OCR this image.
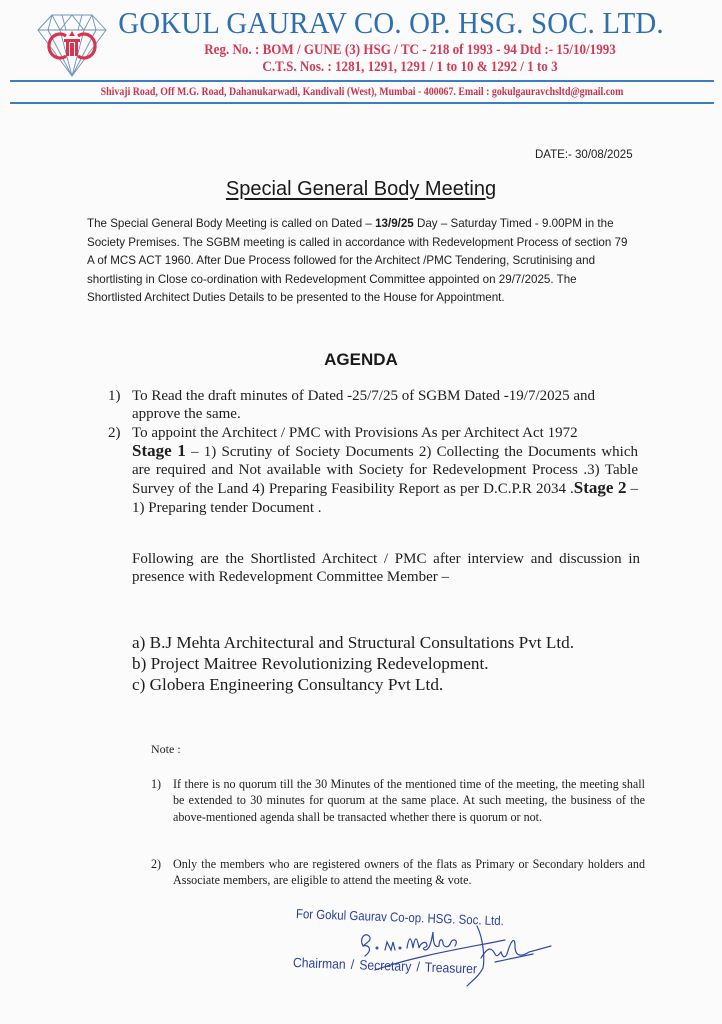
GOKUL GAURAV CO. OP. HSG. SOC. LTD.
Reg. No. : BOM / GUNE (3) HSG / TC - 218 of 1993 - 94 Dtd :- 15/10/1993
C.T.S. Nos. : 1281, 1291, 1291 / 1 to 10 & 1292 / 1 to 3
Shivaji Road, Off M.G. Road, Dahanukarwadi, Kandivali (West), Mumbai - 400067. Email : gokulgauravchsltd@gmail.com
DATE:- 30/08/2025
Special General Body Meeting
The Special General Body Meeting is called on Dated – 13/9/25 Day – Saturday Timed - 9.00PM in the Society Premises. The SGBM meeting is called in accordance with Redevelopment Process of section 79 A of MCS ACT 1960. After Due Process followed for the Architect /PMC Tendering, Scrutinising and shortlisting in Close co-ordination with Redevelopment Committee appointed on 29/7/2025. The Shortlisted Architect Duties Details to be presented to the House for Appointment.
AGENDA
1) To Read the draft minutes of Dated -25/7/25 of SGBM Dated -19/7/2025 and approve the same.
2) To appoint the Architect / PMC with Provisions As per Architect Act 1972
Stage 1 – 1) Scrutiny of Society Documents 2) Collecting the Documents which are required and Not available with Society for Redevelopment Process .3) Table Survey of the Land 4) Preparing Feasibility Report as per D.C.P.R 2034 .Stage 2 – 1) Preparing tender Document .
Following are the Shortlisted Architect / PMC after interview and discussion in presence with Redevelopment Committee Member –
a) B.J Mehta Architectural and Structural Consultations Pvt Ltd.
b) Project Maitree Revolutionizing Redevelopment.
c) Globera Engineering Consultancy Pvt Ltd.
Note :
1) If there is no quorum till the 30 Minutes of the mentioned time of the meeting, the meeting shall be extended to 30 minutes for quorum at the same place. At such meeting, the business of the above-mentioned agenda shall be transacted whether there is quorum or not.
2) Only the members who are registered owners of the flats as Primary or Secondary holders and Associate members, are eligible to attend the meeting & vote.
For Gokul Gaurav Co-op. HSG. Soc. Ltd.
Chairman / Secretary / Treasurer
